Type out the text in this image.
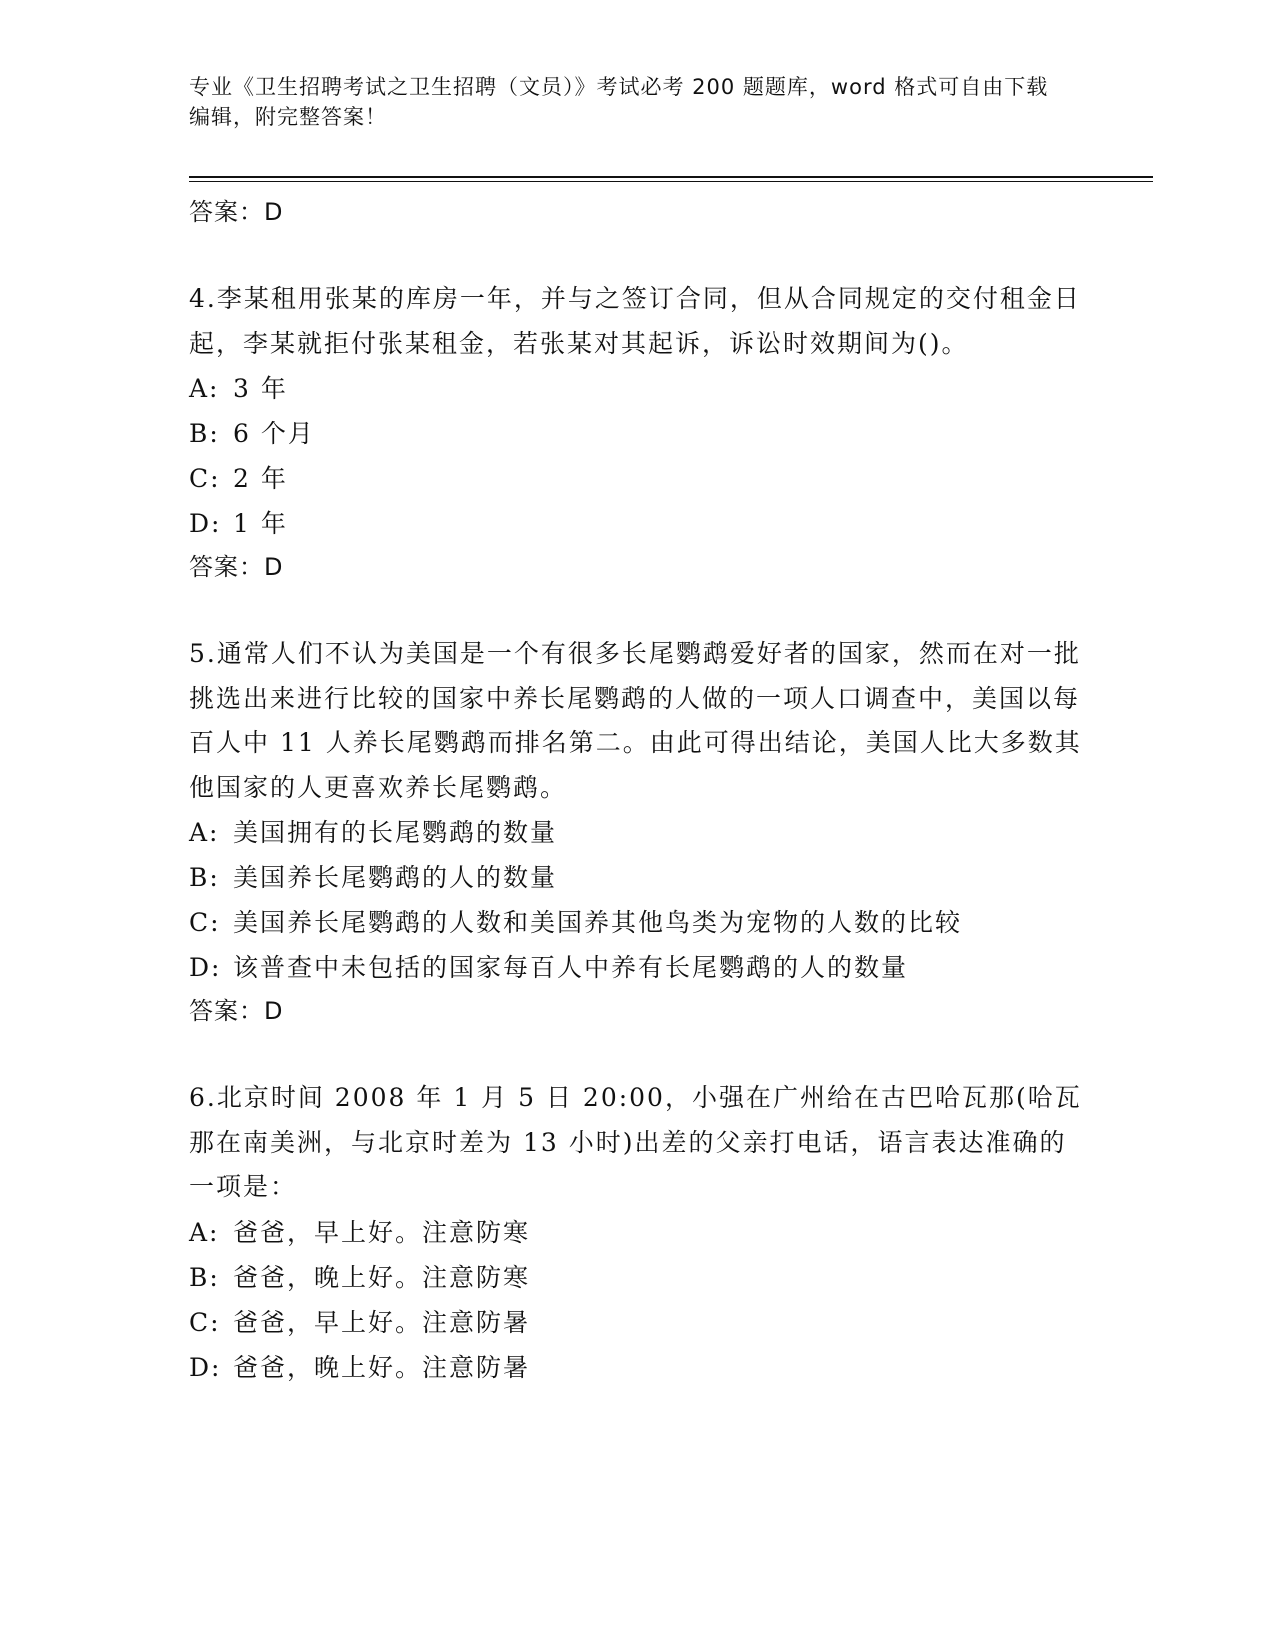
专业《卫生招聘考试之卫生招聘（文员）》考试必考 200 题题库，word 格式可自由下载编辑，附完整答案！
答案：D

4.李某租用张某的库房一年，并与之签订合同，但从合同规定的交付租金日起，李某就拒付张某租金，若张某对其起诉，诉讼时效期间为()。

A: 3 年
B: 6 个月
C: 2 年
D: 1 年
答案：D

5.通常人们不认为美国是一个有很多长尾鹦鹉爱好者的国家，然而在对一批挑选出来进行比较的国家中养长尾鹦鹉的人做的一项人口调查中，美国以每百人中 11 人养长尾鹦鹉而排名第二。由此可得出结论，美国人比大多数其他国家的人更喜欢养长尾鹦鹉。

A: 美国拥有的长尾鹦鹉的数量
B: 美国养长尾鹦鹉的人的数量
C: 美国养长尾鹦鹉的人数和美国养其他鸟类为宠物的人数的比较
D: 该普查中未包括的国家每百人中养有长尾鹦鹉的人的数量
答案：D

6.北京时间 2008 年 1 月 5 日 20:00，小强在广州给在古巴哈瓦那(哈瓦那在南美洲，与北京时差为 13 小时)出差的父亲打电话，语言表达准确的一项是：

A: 爸爸，早上好。注意防寒
B: 爸爸，晚上好。注意防寒
C: 爸爸，早上好。注意防暑
D: 爸爸，晚上好。注意防暑
